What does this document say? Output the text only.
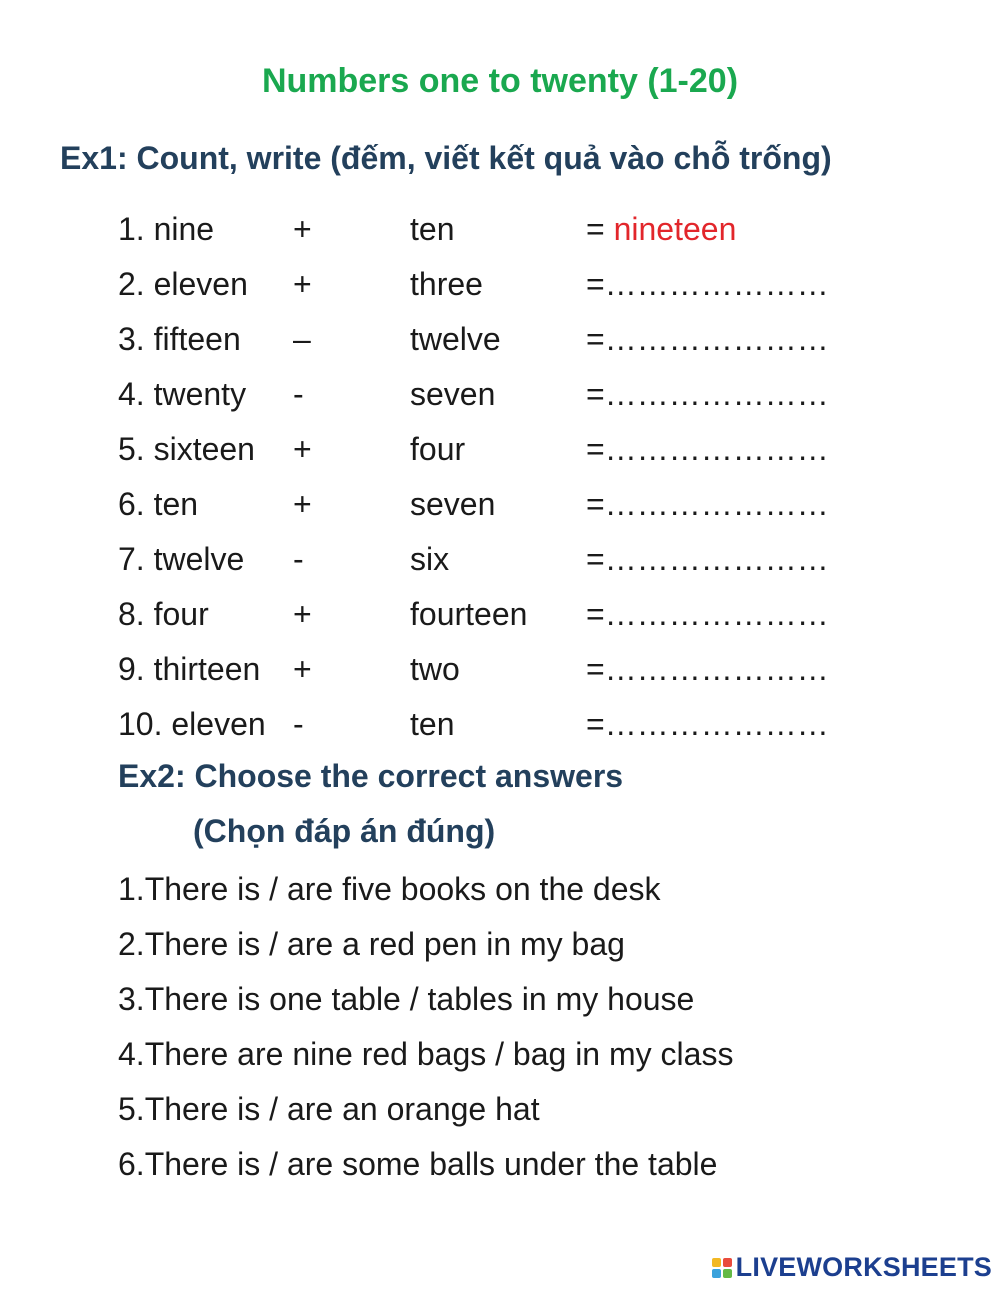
Numbers one to twenty (1-20)
Ex1: Count, write (đếm, viết kết quả vào chỗ trống)
1. nine +	ten	= nineteen
2. eleven +	three	=…………………
3. fifteen –	twelve	=…………………
4. twenty -	seven	=…………………
5. sixteen +	four	=…………………
6. ten	+	seven	=…………………
7. twelve -	six	=…………………
8. four	+	fourteen =…………………
9. thirteen +	two	=…………………
10. eleven -	ten	=…………………
Ex2: Choose the correct answers
(Chọn đáp án đúng)
1.There is / are five books on the desk
2.There is / are a red pen in my bag
3.There is one table / tables in my house
4.There are nine red bags / bag in my class
5.There is / are an orange hat
6.There is / are some balls under the table
LIVEWORKSHEETS
